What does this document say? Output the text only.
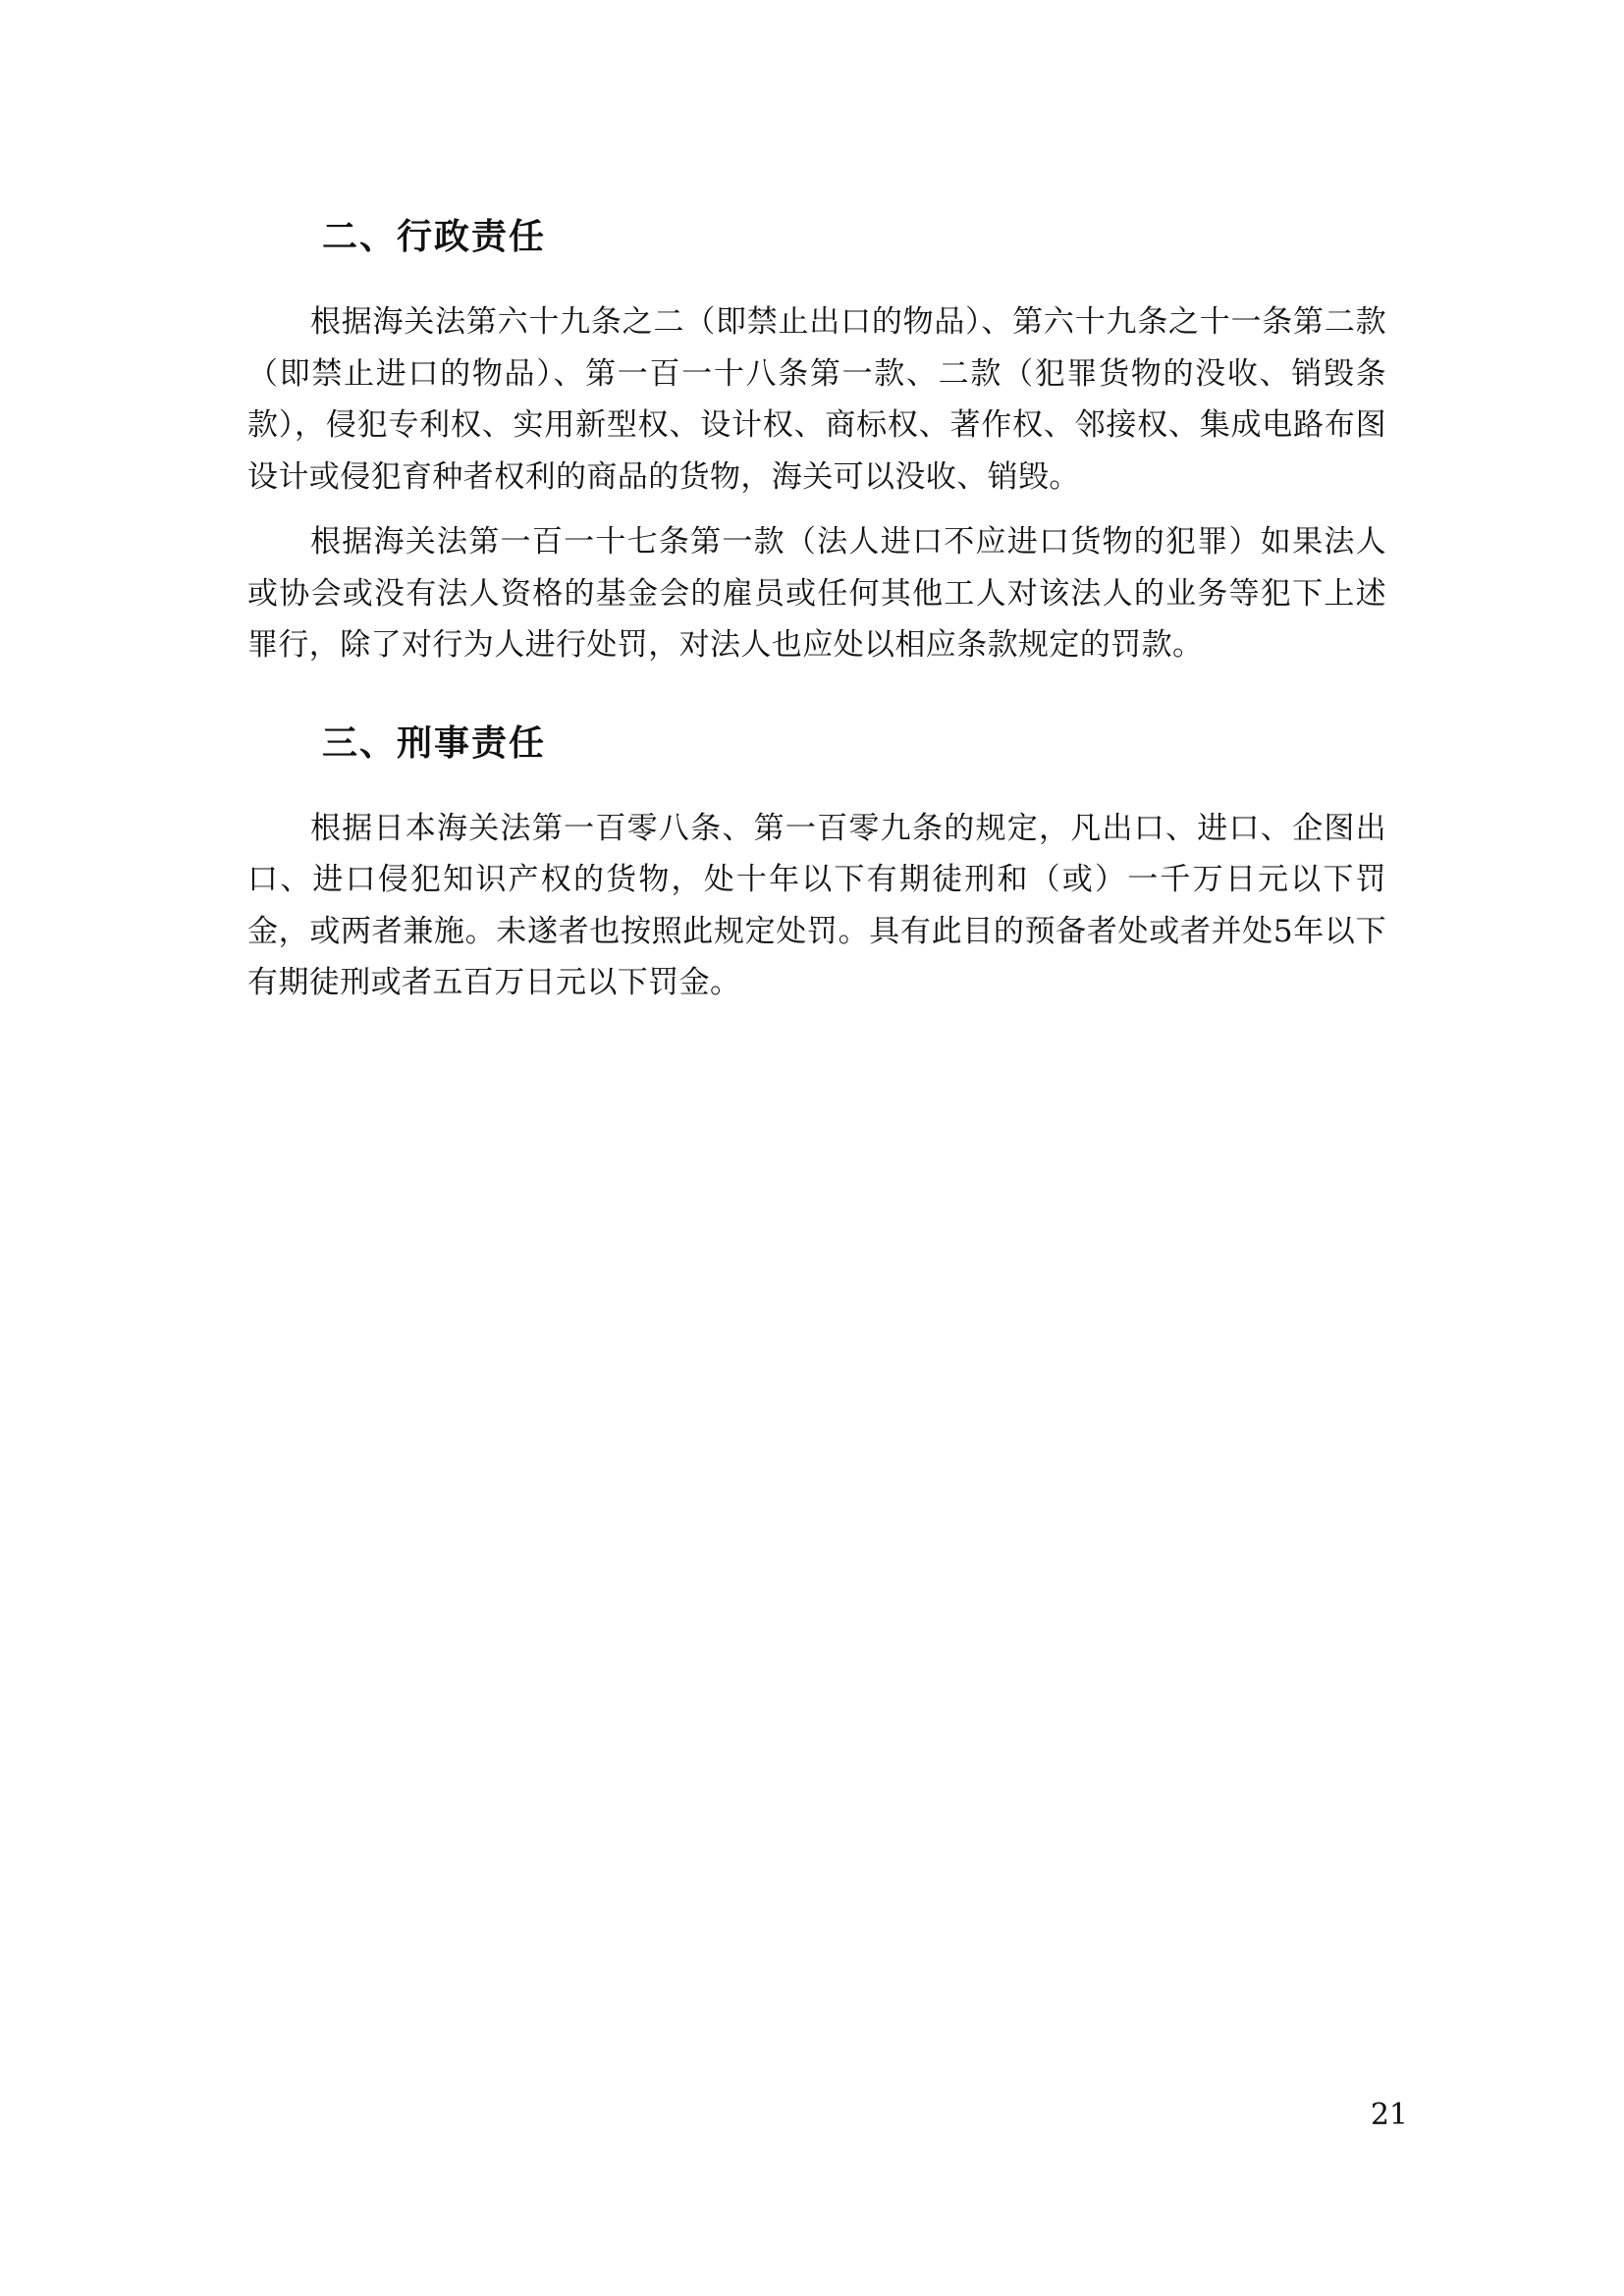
二、行政责任

根据海关法第六十九条之二（即禁止出口的物品）、第六十九条之十一条第二款（即禁止进口的物品）、第一百一十八条第一款、二款（犯罪货物的没收、销毁条款），侵犯专利权、实用新型权、设计权、商标权、著作权、邻接权、集成电路布图设计或侵犯育种者权利的商品的货物，海关可以没收、销毁。

根据海关法第一百一十七条第一款（法人进口不应进口货物的犯罪）如果法人或协会或没有法人资格的基金会的雇员或任何其他工人对该法人的业务等犯下上述罪行，除了对行为人进行处罚，对法人也应处以相应条款规定的罚款。

三、刑事责任

根据日本海关法第一百零八条、第一百零九条的规定，凡出口、进口、企图出口、进口侵犯知识产权的货物，处十年以下有期徒刑和（或）一千万日元以下罚金，或两者兼施。未遂者也按照此规定处罚。具有此目的预备者处或者并处5年以下有期徒刑或者五百万日元以下罚金。

21
